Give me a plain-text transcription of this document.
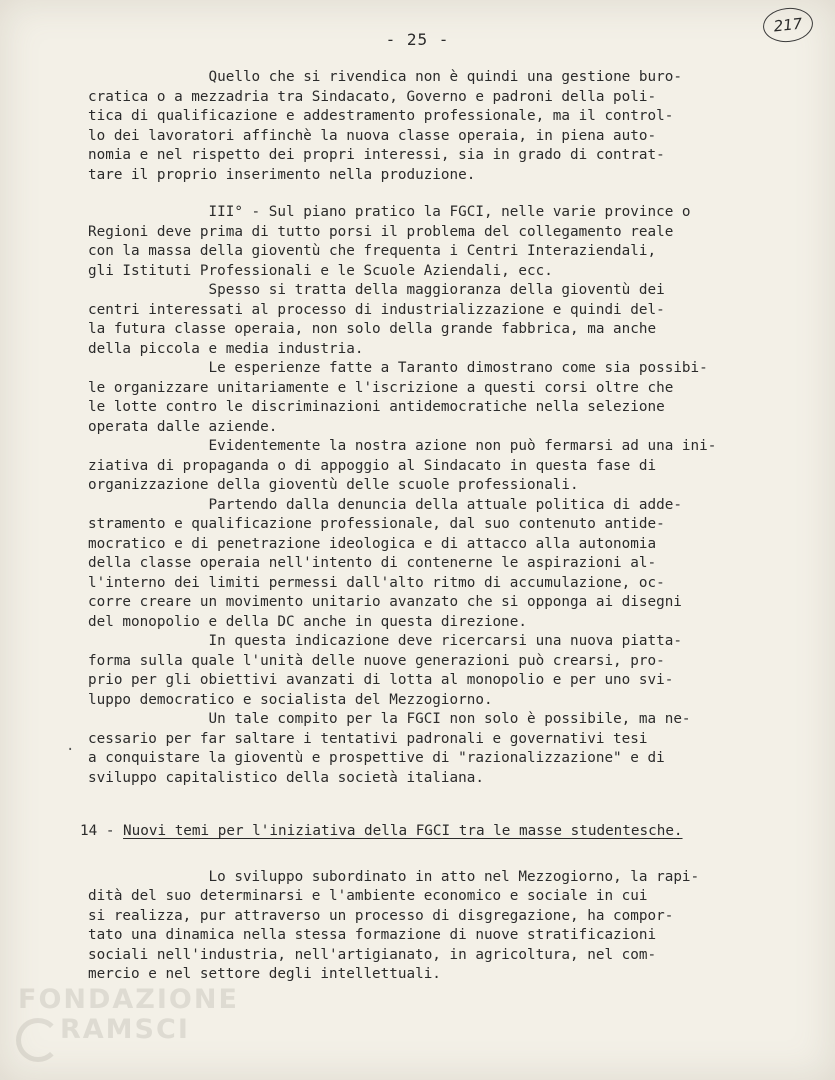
- 25 -
217
·

Quello che si rivendica non è quindi una gestione buro-
cratica o a mezzadria tra Sindacato, Governo e padroni della poli-
tica di qualificazione e addestramento professionale, ma il control-
lo dei lavoratori affinchè la nuova classe operaia, in piena auto-
nomia e nel rispetto dei propri interessi, sia in grado di contrat-
tare il proprio inserimento nella produzione.

III° - Sul piano pratico la FGCI, nelle varie province o
Regioni deve prima di tutto porsi il problema del collegamento reale
con la massa della gioventù che frequenta i Centri Interaziendali,
gli Istituti Professionali e le Scuole Aziendali, ecc.

Spesso si tratta della maggioranza della gioventù dei
centri interessati al processo di industrializzazione e quindi del-
la futura classe operaia, non solo della grande fabbrica, ma anche
della piccola e media industria.

Le esperienze fatte a Taranto dimostrano come sia possibi-
le organizzare unitariamente e l'iscrizione a questi corsi oltre che
le lotte contro le discriminazioni antidemocratiche nella selezione
operata dalle aziende.

Evidentemente la nostra azione non può fermarsi ad una ini-
ziativa di propaganda o di appoggio al Sindacato in questa fase di
organizzazione della gioventù delle scuole professionali.

Partendo dalla denuncia della attuale politica di adde-
stramento e qualificazione professionale, dal suo contenuto antide-
mocratico e di penetrazione ideologica e di attacco alla autonomia
della classe operaia nell'intento di contenerne le aspirazioni al-
l'interno dei limiti permessi dall'alto ritmo di accumulazione, oc-
corre creare un movimento unitario avanzato che si opponga ai disegni
del monopolio e della DC anche in questa direzione.

In questa indicazione deve ricercarsi una nuova piatta-
forma sulla quale l'unità delle nuove generazioni può crearsi, pro-
prio per gli obiettivi avanzati di lotta al monopolio e per uno svi-
luppo democratico e socialista del Mezzogiorno.

Un tale compito per la FGCI non solo è possibile, ma ne-
cessario per far saltare i tentativi padronali e governativi tesi
a conquistare la gioventù e prospettive di "razionalizzazione" e di
sviluppo capitalistico della società italiana.

14 - Nuovi temi per l'iniziativa della FGCI tra le masse studentesche.

Lo sviluppo subordinato in atto nel Mezzogiorno, la rapi-
dità del suo determinarsi e l'ambiente economico e sociale in cui
si realizza, pur attraverso un processo di disgregazione, ha compor-
tato una dinamica nella stessa formazione di nuove stratificazioni
sociali nell'industria, nell'artigianato, in agricoltura, nel com-
mercio e nel settore degli intellettuali.

FONDAZIONE
RAMSCI
